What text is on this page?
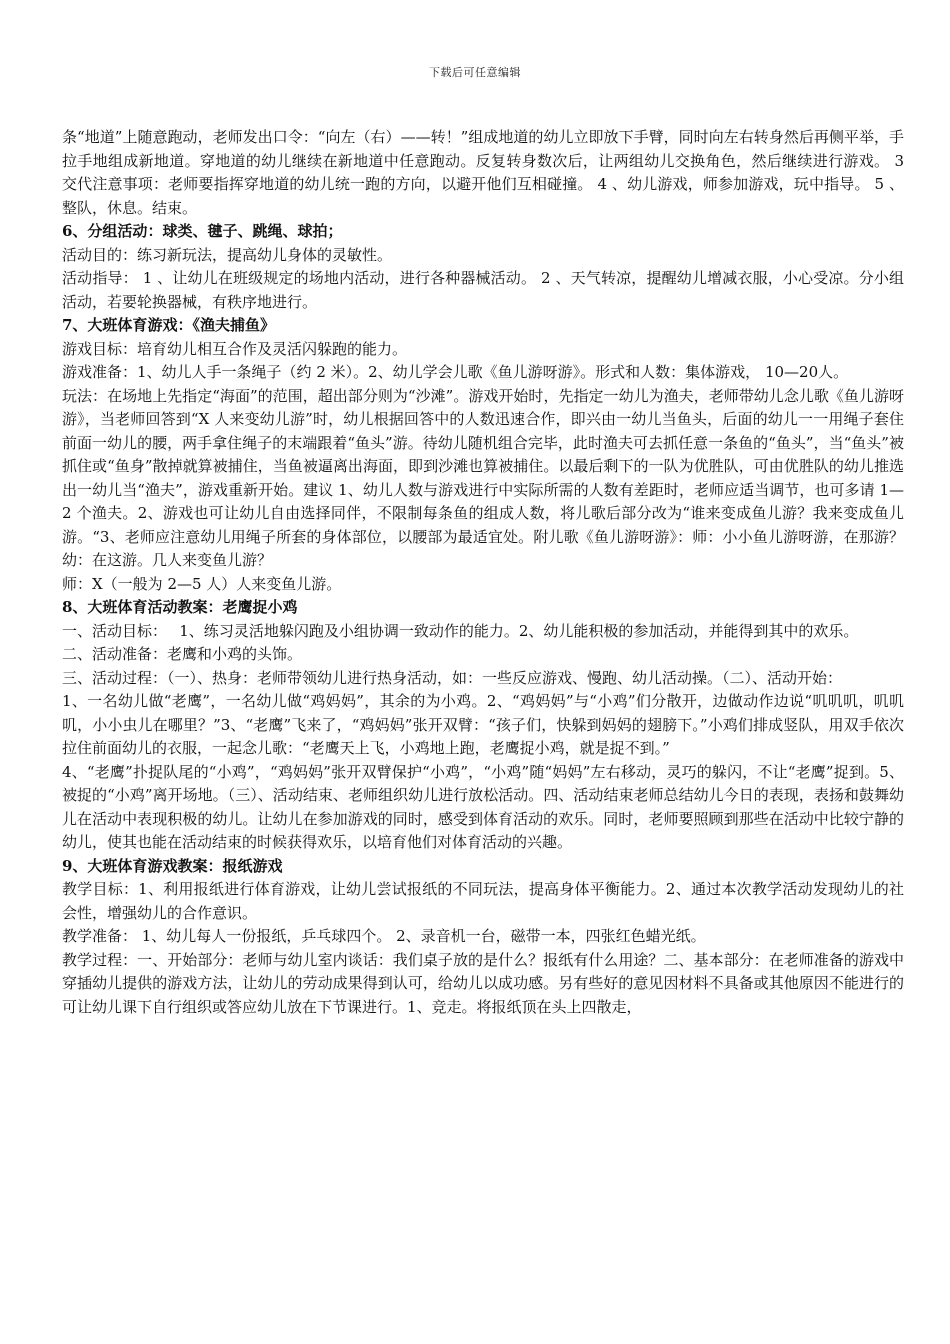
下载后可任意编辑

条“地道”上随意跑动，老师发出口令：“向左（右）——转！”组成地道的幼儿立即放下手臂，同时向左右转身然后再侧平举，手拉手地组成新地道。穿地道的幼儿继续在新地道中任意跑动。反复转身数次后，让两组幼儿交换角色，然后继续进行游戏。 3 交代注意事项：老师要指挥穿地道的幼儿统一跑的方向，以避开他们互相碰撞。 4 、幼儿游戏，师参加游戏，玩中指导。 5 、整队，休息。结束。

6、分组活动：球类、毽子、跳绳、球拍；

活动目的：练习新玩法，提高幼儿身体的灵敏性。

活动指导： 1 、让幼儿在班级规定的场地内活动，进行各种器械活动。 2 、天气转凉，提醒幼儿增减衣服，小心受凉。分小组活动，若要轮换器械，有秩序地进行。

7、大班体育游戏：《渔夫捕鱼》

游戏目标：培育幼儿相互合作及灵活闪躲跑的能力。

游戏准备：1、幼儿人手一条绳子（约 2 米）。2、幼儿学会儿歌《鱼儿游呀游》。形式和人数：集体游戏， 10—20人。

玩法：在场地上先指定“海面”的范围，超出部分则为“沙滩”。游戏开始时，先指定一幼儿为渔夫，老师带幼儿念儿歌《鱼儿游呀游》，当老师回答到“X 人来变幼儿游”时，幼儿根据回答中的人数迅速合作，即兴由一幼儿当鱼头，后面的幼儿一一用绳子套住前面一幼儿的腰，两手拿住绳子的末端跟着“鱼头”游。待幼儿随机组合完毕，此时渔夫可去抓任意一条鱼的“鱼头”，当“鱼头”被抓住或“鱼身”散掉就算被捕住，当鱼被逼离出海面，即到沙滩也算被捕住。以最后剩下的一队为优胜队，可由优胜队的幼儿推选出一幼儿当“渔夫”，游戏重新开始。建议 1、幼儿人数与游戏进行中实际所需的人数有差距时，老师应适当调节，也可多请 1—2 个渔夫。2、游戏也可让幼儿自由选择同伴，不限制每条鱼的组成人数，将儿歌后部分改为“谁来变成鱼儿游？我来变成鱼儿游。“3、老师应注意幼儿用绳子所套的身体部位，以腰部为最适宜处。附儿歌《鱼儿游呀游》：师：小小鱼儿游呀游，在那游？幼：在这游。几人来变鱼儿游？

师：X（一般为 2—5 人）人来变鱼儿游。

8、大班体育活动教案：老鹰捉小鸡

一、活动目标：　 1、练习灵活地躲闪跑及小组协调一致动作的能力。2、幼儿能积极的参加活动，并能得到其中的欢乐。

二、活动准备：老鹰和小鸡的头饰。

三、活动过程：（一）、热身：老师带领幼儿进行热身活动，如：一些反应游戏、慢跑、幼儿活动操。（二）、活动开始：

1、一名幼儿做“老鹰”，一名幼儿做“鸡妈妈”，其余的为小鸡。2、“鸡妈妈”与“小鸡”们分散开，边做动作边说“叽叽叽，叽叽叽，小小虫儿在哪里？”3、“老鹰”飞来了，“鸡妈妈”张开双臂：“孩子们，快躲到妈妈的翅膀下。”小鸡们排成竖队，用双手依次拉住前面幼儿的衣服，一起念儿歌：“老鹰天上飞，小鸡地上跑，老鹰捉小鸡，就是捉不到。”

4、“老鹰”扑捉队尾的“小鸡”，“鸡妈妈”张开双臂保护“小鸡”，“小鸡”随“妈妈”左右移动，灵巧的躲闪，不让“老鹰”捉到。5、被捉的“小鸡”离开场地。（三）、活动结束、老师组织幼儿进行放松活动。四、活动结束老师总结幼儿今日的表现，表扬和鼓舞幼儿在活动中表现积极的幼儿。让幼儿在参加游戏的同时，感受到体育活动的欢乐。同时，老师要照顾到那些在活动中比较宁静的幼儿，使其也能在活动结束的时候获得欢乐，以培育他们对体育活动的兴趣。

9、大班体育游戏教案：报纸游戏

教学目标：1、利用报纸进行体育游戏，让幼儿尝试报纸的不同玩法，提高身体平衡能力。2、通过本次教学活动发现幼儿的社会性，增强幼儿的合作意识。

教学准备： 1、幼儿每人一份报纸，乒乓球四个。 2、录音机一台，磁带一本，四张红色蜡光纸。

教学过程：一、开始部分：老师与幼儿室内谈话：我们桌子放的是什么？报纸有什么用途？二、基本部分：在老师准备的游戏中穿插幼儿提供的游戏方法，让幼儿的劳动成果得到认可，给幼儿以成功感。另有些好的意见因材料不具备或其他原因不能进行的可让幼儿课下自行组织或答应幼儿放在下节课进行。1、竞走。将报纸顶在头上四散走，
